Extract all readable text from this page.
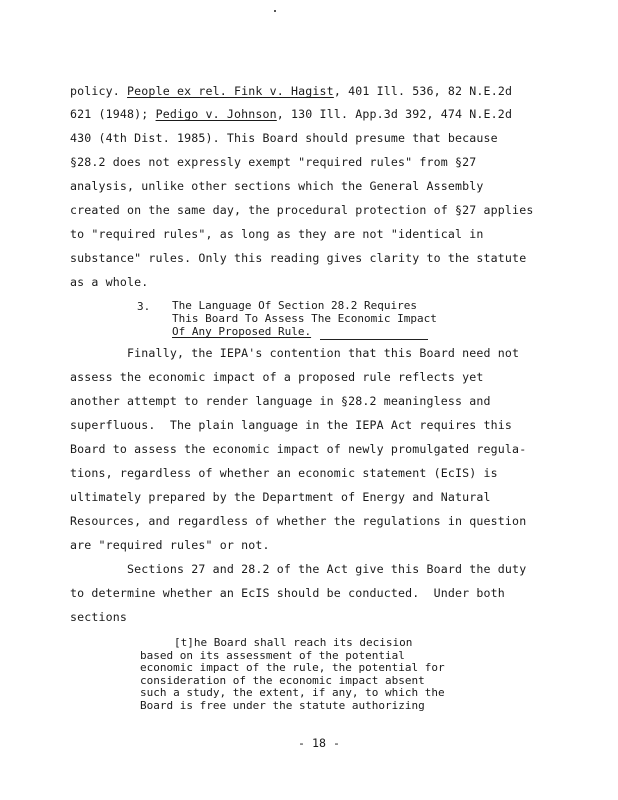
policy. People ex rel. Fink v. Hagist, 401 Ill. 536, 82 N.E.2d
621 (1948); Pedigo v. Johnson, 130 Ill. App.3d 392, 474 N.E.2d
430 (4th Dist. 1985). This Board should presume that because
§28.2 does not expressly exempt "required rules" from §27
analysis, unlike other sections which the General Assembly
created on the same day, the procedural protection of §27 applies
to "required rules", as long as they are not "identical in
substance" rules. Only this reading gives clarity to the statute
as a whole.
3. The Language Of Section 28.2 Requires
This Board To Assess The Economic Impact
Of Any Proposed Rule.
Finally, the IEPA's contention that this Board need not
assess the economic impact of a proposed rule reflects yet
another attempt to render language in §28.2 meaningless and
superfluous.  The plain language in the IEPA Act requires this
Board to assess the economic impact of newly promulgated regula-
tions, regardless of whether an economic statement (EcIS) is
ultimately prepared by the Department of Energy and Natural
Resources, and regardless of whether the regulations in question
are "required rules" or not.
Sections 27 and 28.2 of the Act give this Board the duty
to determine whether an EcIS should be conducted.  Under both
sections
[t]he Board shall reach its decision
based on its assessment of the potential
economic impact of the rule, the potential for
consideration of the economic impact absent
such a study, the extent, if any, to which the
Board is free under the statute authorizing
- 18 -
